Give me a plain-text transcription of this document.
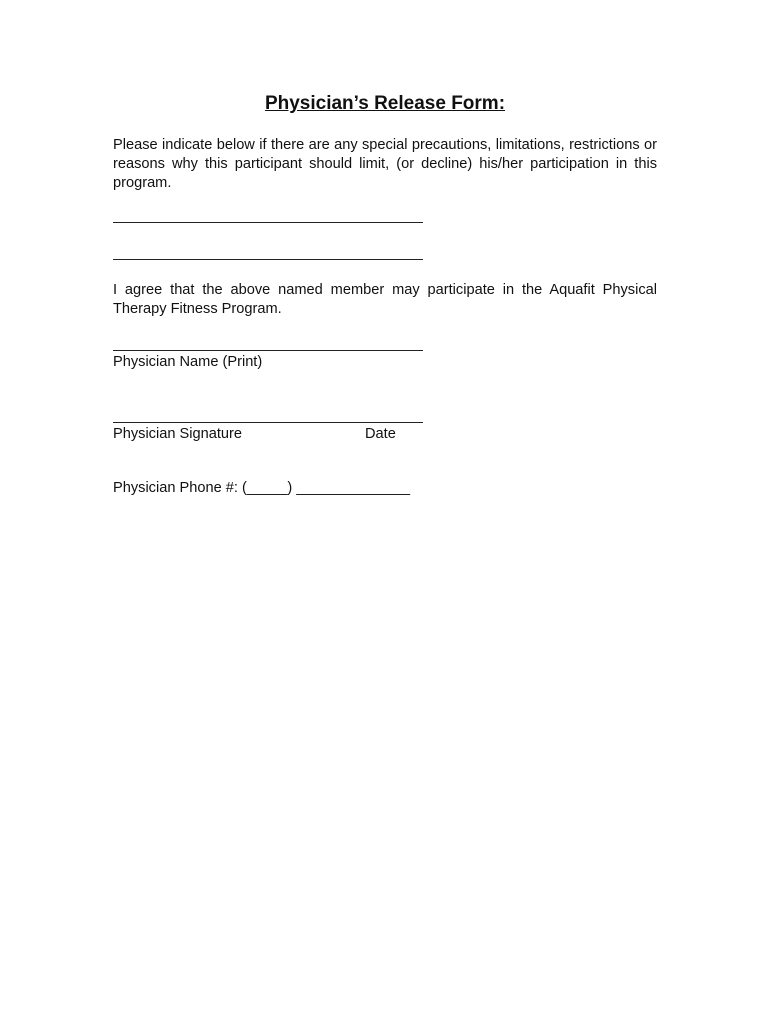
Physician’s Release Form:
Please indicate below if there are any special precautions, limitations, restrictions or reasons why this participant should limit, (or decline) his/her participation in this program.
I agree that the above named member may participate in the Aquafit Physical Therapy Fitness Program.
Physician Name (Print)
Physician Signature	Date
Physician Phone #: (_____) ______________
